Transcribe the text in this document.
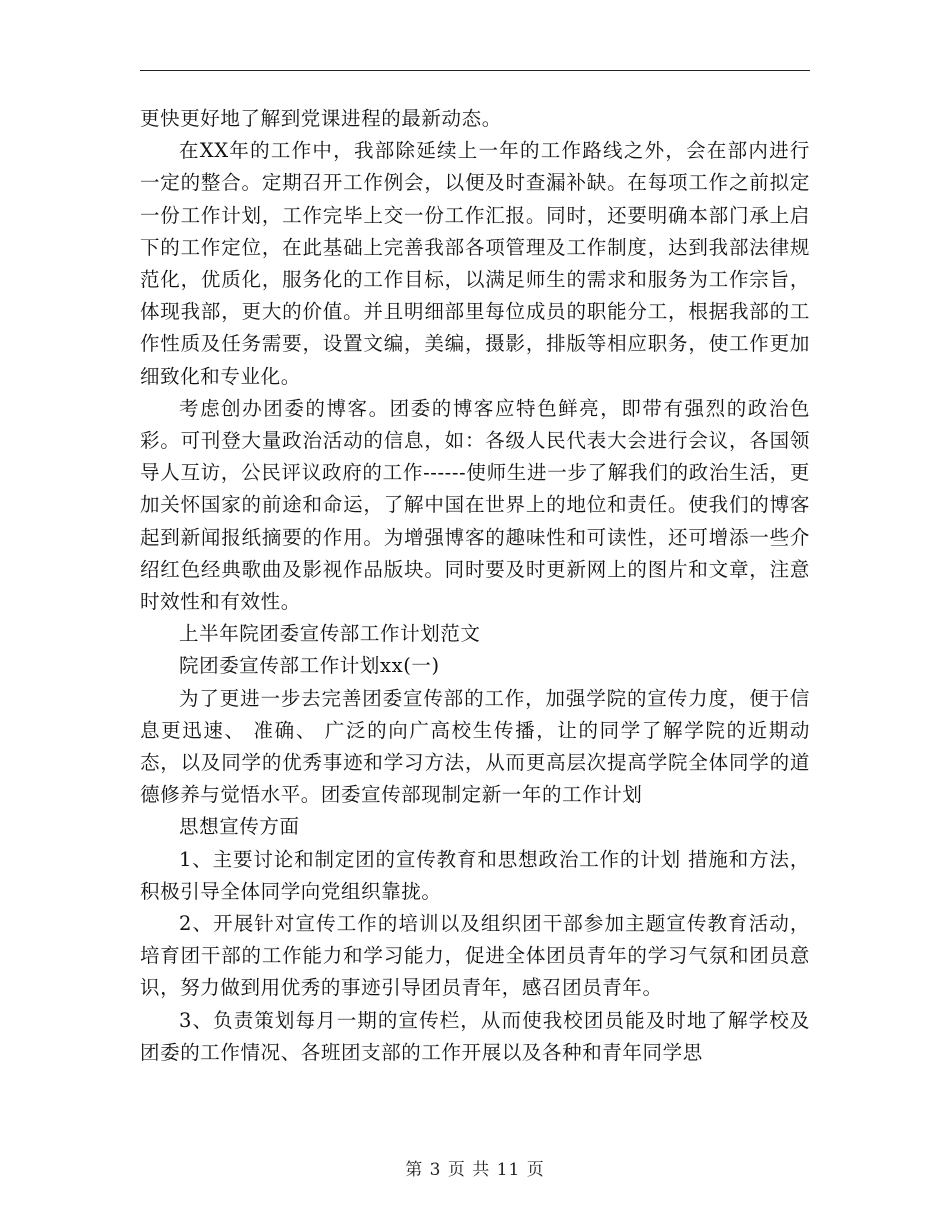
更快更好地了解到党课进程的最新动态。

在XX年的工作中，我部除延续上一年的工作路线之外，会在部内进行一定的整合。定期召开工作例会，以便及时查漏补缺。在每项工作之前拟定一份工作计划，工作完毕上交一份工作汇报。同时，还要明确本部门承上启下的工作定位，在此基础上完善我部各项管理及工作制度，达到我部法律规范化，优质化，服务化的工作目标，以满足师生的需求和服务为工作宗旨，体现我部，更大的价值。并且明细部里每位成员的职能分工，根据我部的工作性质及任务需要，设置文编，美编，摄影，排版等相应职务，使工作更加细致化和专业化。

考虑创办团委的博客。团委的博客应特色鲜亮，即带有强烈的政治色彩。可刊登大量政治活动的信息，如：各级人民代表大会进行会议，各国领导人互访，公民评议政府的工作------使师生进一步了解我们的政治生活，更加关怀国家的前途和命运，了解中国在世界上的地位和责任。使我们的博客起到新闻报纸摘要的作用。为增强博客的趣味性和可读性，还可增添一些介绍红色经典歌曲及影视作品版块。同时要及时更新网上的图片和文章，注意时效性和有效性。

上半年院团委宣传部工作计划范文

院团委宣传部工作计划xx(一)

为了更进一步去完善团委宣传部的工作，加强学院的宣传力度，便于信息更迅速、 准确、 广泛的向广高校生传播，让的同学了解学院的近期动态，以及同学的优秀事迹和学习方法，从而更高层次提高学院全体同学的道德修养与觉悟水平。团委宣传部现制定新一年的工作计划

思想宣传方面

1、主要讨论和制定团的宣传教育和思想政治工作的计划 措施和方法，积极引导全体同学向党组织靠拢。

2、开展针对宣传工作的培训以及组织团干部参加主题宣传教育活动，培育团干部的工作能力和学习能力，促进全体团员青年的学习气氛和团员意识，努力做到用优秀的事迹引导团员青年，感召团员青年。

3、负责策划每月一期的宣传栏，从而使我校团员能及时地了解学校及团委的工作情况、各班团支部的工作开展以及各种和青年同学思

第 3 页 共 11 页
